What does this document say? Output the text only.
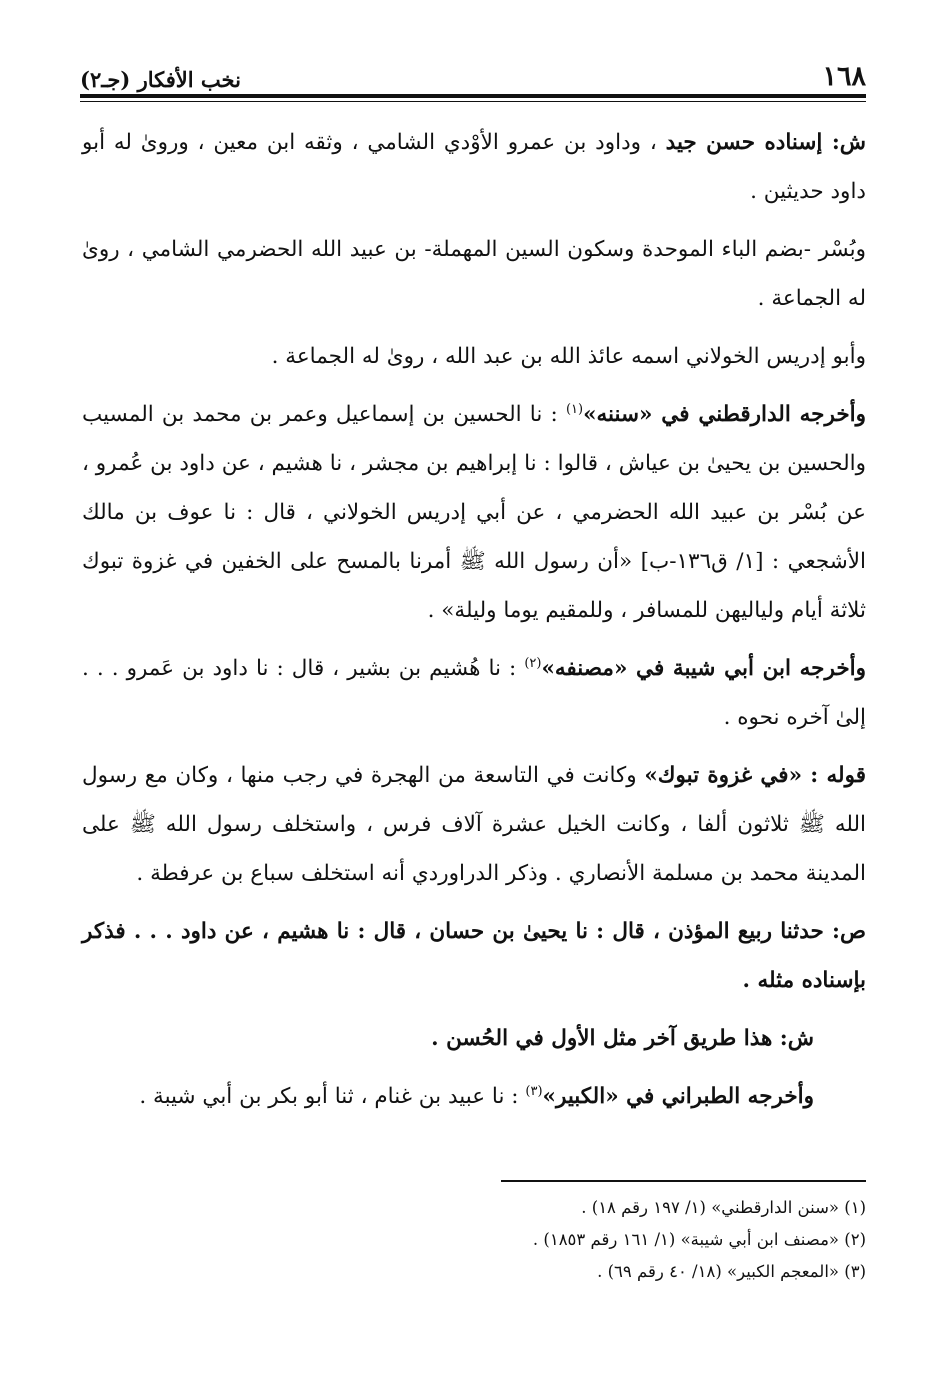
١٦٨
نخب الأفكار (جـ٢)

ش: إسناده حسن جيد ، وداود بن عمرو الأوْدي الشامي ، وثقه ابن معين ، وروىٰ له أبو داود حديثين .

وبُسْر -بضم الباء الموحدة وسكون السين المهملة- بن عبيد الله الحضرمي الشامي ، روىٰ له الجماعة .

وأبو إدريس الخولاني اسمه عائذ الله بن عبد الله ، روىٰ له الجماعة .

وأخرجه الدارقطني في «سننه»$^{(١)}$ : نا الحسين بن إسماعيل وعمر بن محمد بن المسيب والحسين بن يحيىٰ بن عياش ، قالوا : نا إبراهيم بن مجشر ، نا هشيم ، عن داود بن عُمرو ، عن بُسْر بن عبيد الله الحضرمي ، عن أبي إدريس الخولاني ، قال : نا عوف بن مالك الأشجعي : [١/ ق١٣٦-ب] «أن رسول الله ﷺ أمرنا بالمسح على الخفين في غزوة تبوك ثلاثة أيام ولياليهن للمسافر ، وللمقيم يوما وليلة» .

وأخرجه ابن أبي شيبة في «مصنفه»$^{(٢)}$ : نا هُشيم بن بشير ، قال : نا داود بن عَمرو . . . إلىٰ آخره نحوه .

قوله : «في غزوة تبوك» وكانت في التاسعة من الهجرة في رجب منها ، وكان مع رسول الله ﷺ ثلاثون ألفا ، وكانت الخيل عشرة آلاف فرس ، واستخلف رسول الله ﷺ على المدينة محمد بن مسلمة الأنصاري . وذكر الدراوردي أنه استخلف سباع بن عرفطة .

ص: حدثنا ربيع المؤذن ، قال : نا يحيىٰ بن حسان ، قال : نا هشيم ، عن داود . . . فذكر بإسناده مثله .

ش: هذا طريق آخر مثل الأول في الحُسن .

وأخرجه الطبراني في «الكبير»$^{(٣)}$ : نا عبيد بن غنام ، ثنا أبو بكر بن أبي شيبة .

(١) «سنن الدارقطني» (١/ ١٩٧ رقم ١٨) .
(٢) «مصنف ابن أبي شيبة» (١/ ١٦١ رقم ١٨٥٣) .
(٣) «المعجم الكبير» (١٨/ ٤٠ رقم ٦٩) .
